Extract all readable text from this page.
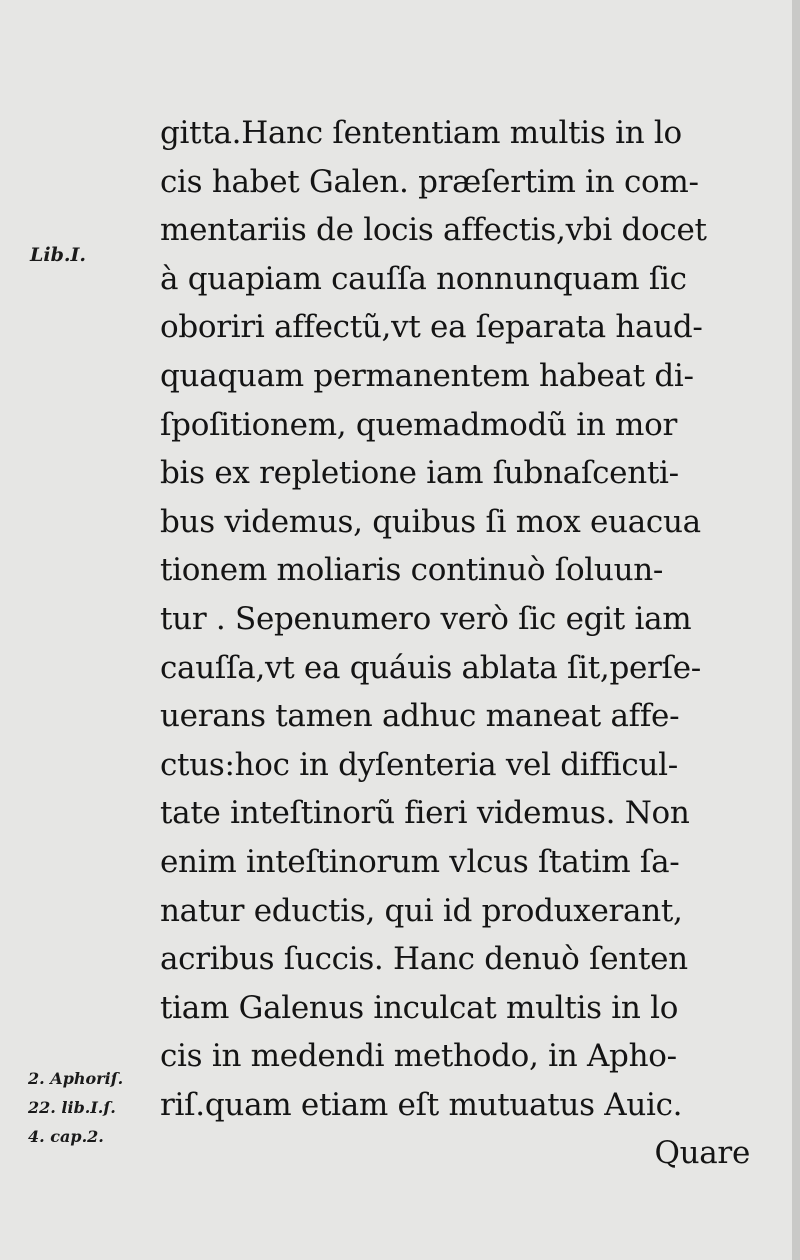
Lib.I.
2. Aphoriſ.
22. lib.I.ſ.
4. cap.2.
gitta.Hanc ſententiam multis in lo
cis habet Galen. præſertim in com-
mentariis de locis affectis,vbi docet
à quapiam cauſſa nonnunquam ſic
oboriri affectũ,vt ea ſeparata haud-
quaquam permanentem habeat di-
ſpoſitionem, quemadmodũ in mor
bis ex repletione iam ſubnaſcenti-
bus videmus, quibus ſi mox euacua
tionem moliaris continuò ſoluun-
tur . Sepenumero verò ſic egit iam
cauſſa,vt ea quáuis ablata ſit,perſe-
uerans tamen adhuc maneat affe-
ctus:hoc in dyſenteria vel difficul-
tate inteſtinorũ fieri videmus. Non
enim inteſtinorum vlcus ſtatim ſa-
natur eductis, qui id produxerant,
acribus ſuccis. Hanc denuò ſenten
tiam Galenus inculcat multis in lo
cis in medendi methodo, in Apho-
riſ.quam etiam eſt mutuatus Auic.
Quare
